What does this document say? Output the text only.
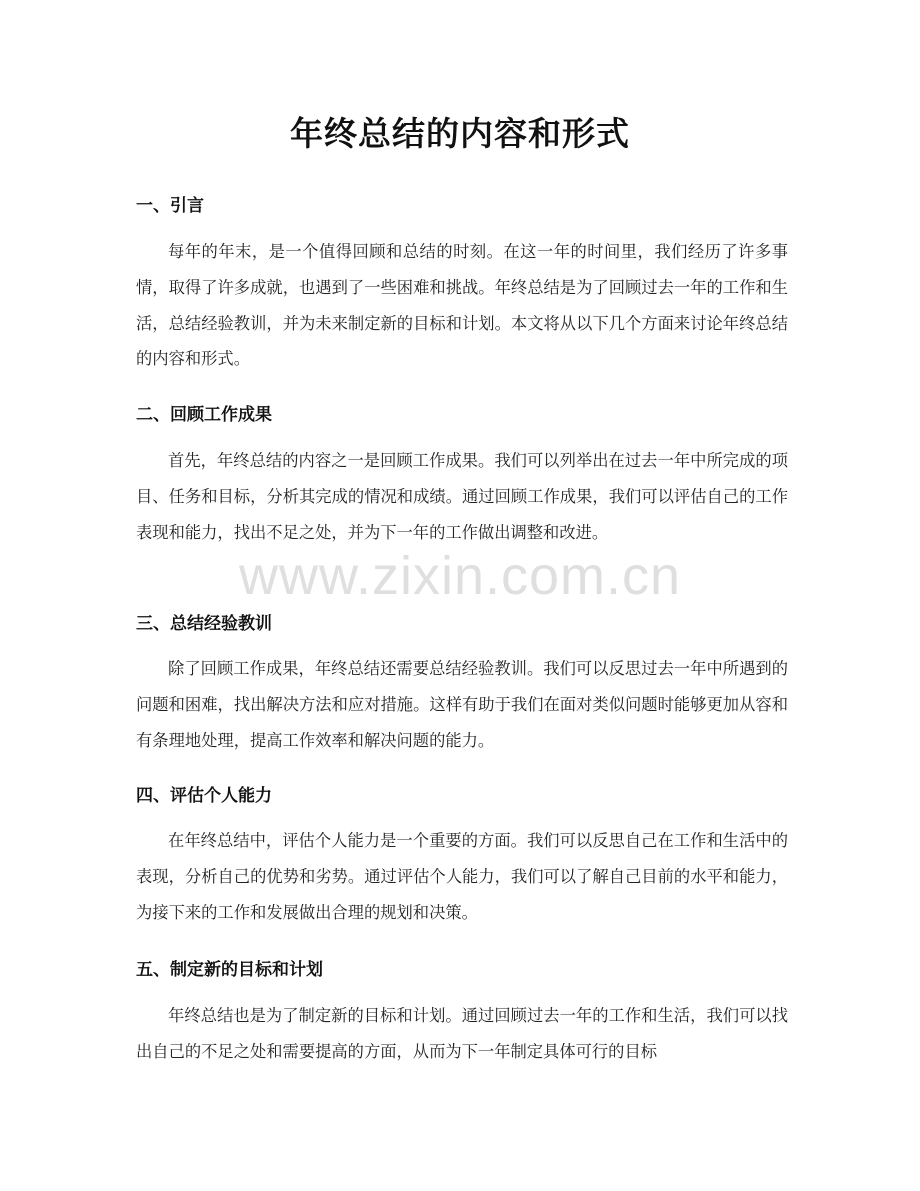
年终总结的内容和形式
一、引言

每年的年末，是一个值得回顾和总结的时刻。在这一年的时间里，我们经历了许多事情，取得了许多成就，也遇到了一些困难和挑战。年终总结是为了回顾过去一年的工作和生活，总结经验教训，并为未来制定新的目标和计划。本文将从以下几个方面来讨论年终总结的内容和形式。

二、回顾工作成果

首先，年终总结的内容之一是回顾工作成果。我们可以列举出在过去一年中所完成的项目、任务和目标，分析其完成的情况和成绩。通过回顾工作成果，我们可以评估自己的工作表现和能力，找出不足之处，并为下一年的工作做出调整和改进。

三、总结经验教训

除了回顾工作成果，年终总结还需要总结经验教训。我们可以反思过去一年中所遇到的问题和困难，找出解决方法和应对措施。这样有助于我们在面对类似问题时能够更加从容和有条理地处理，提高工作效率和解决问题的能力。

四、评估个人能力

在年终总结中，评估个人能力是一个重要的方面。我们可以反思自己在工作和生活中的表现，分析自己的优势和劣势。通过评估个人能力，我们可以了解自己目前的水平和能力，为接下来的工作和发展做出合理的规划和决策。

五、制定新的目标和计划

年终总结也是为了制定新的目标和计划。通过回顾过去一年的工作和生活，我们可以找出自己的不足之处和需要提高的方面，从而为下一年制定具体可行的目标

www.zixin.com.cn
